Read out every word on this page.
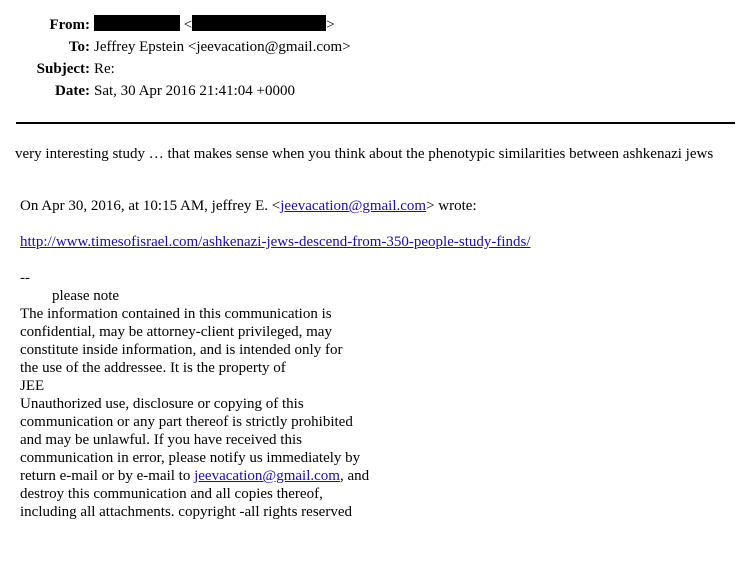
From:	<	>
To: Jeffrey Epstein <jeevacation@gmail.com>
Subject: Re:
Date: Sat, 30 Apr 2016 21:41:04 +0000
very interesting study … that makes sense when you think about the phenotypic similarities between ashkenazi jews
On Apr 30, 2016, at 10:15 AM, jeffrey E. <jeevacation@gmail.com> wrote:
http://www.timesofisrael.com/ashkenazi-jews-descend-from-350-people-study-finds/
--
please note
The information contained in this communication is
confidential, may be attorney-client privileged, may
constitute inside information, and is intended only for
the use of the addressee. It is the property of
JEE
Unauthorized use, disclosure or copying of this
communication or any part thereof is strictly prohibited
and may be unlawful. If you have received this
communication in error, please notify us immediately by
return e-mail or by e-mail to jeevacation@gmail.com, and
destroy this communication and all copies thereof,
including all attachments. copyright -all rights reserved
